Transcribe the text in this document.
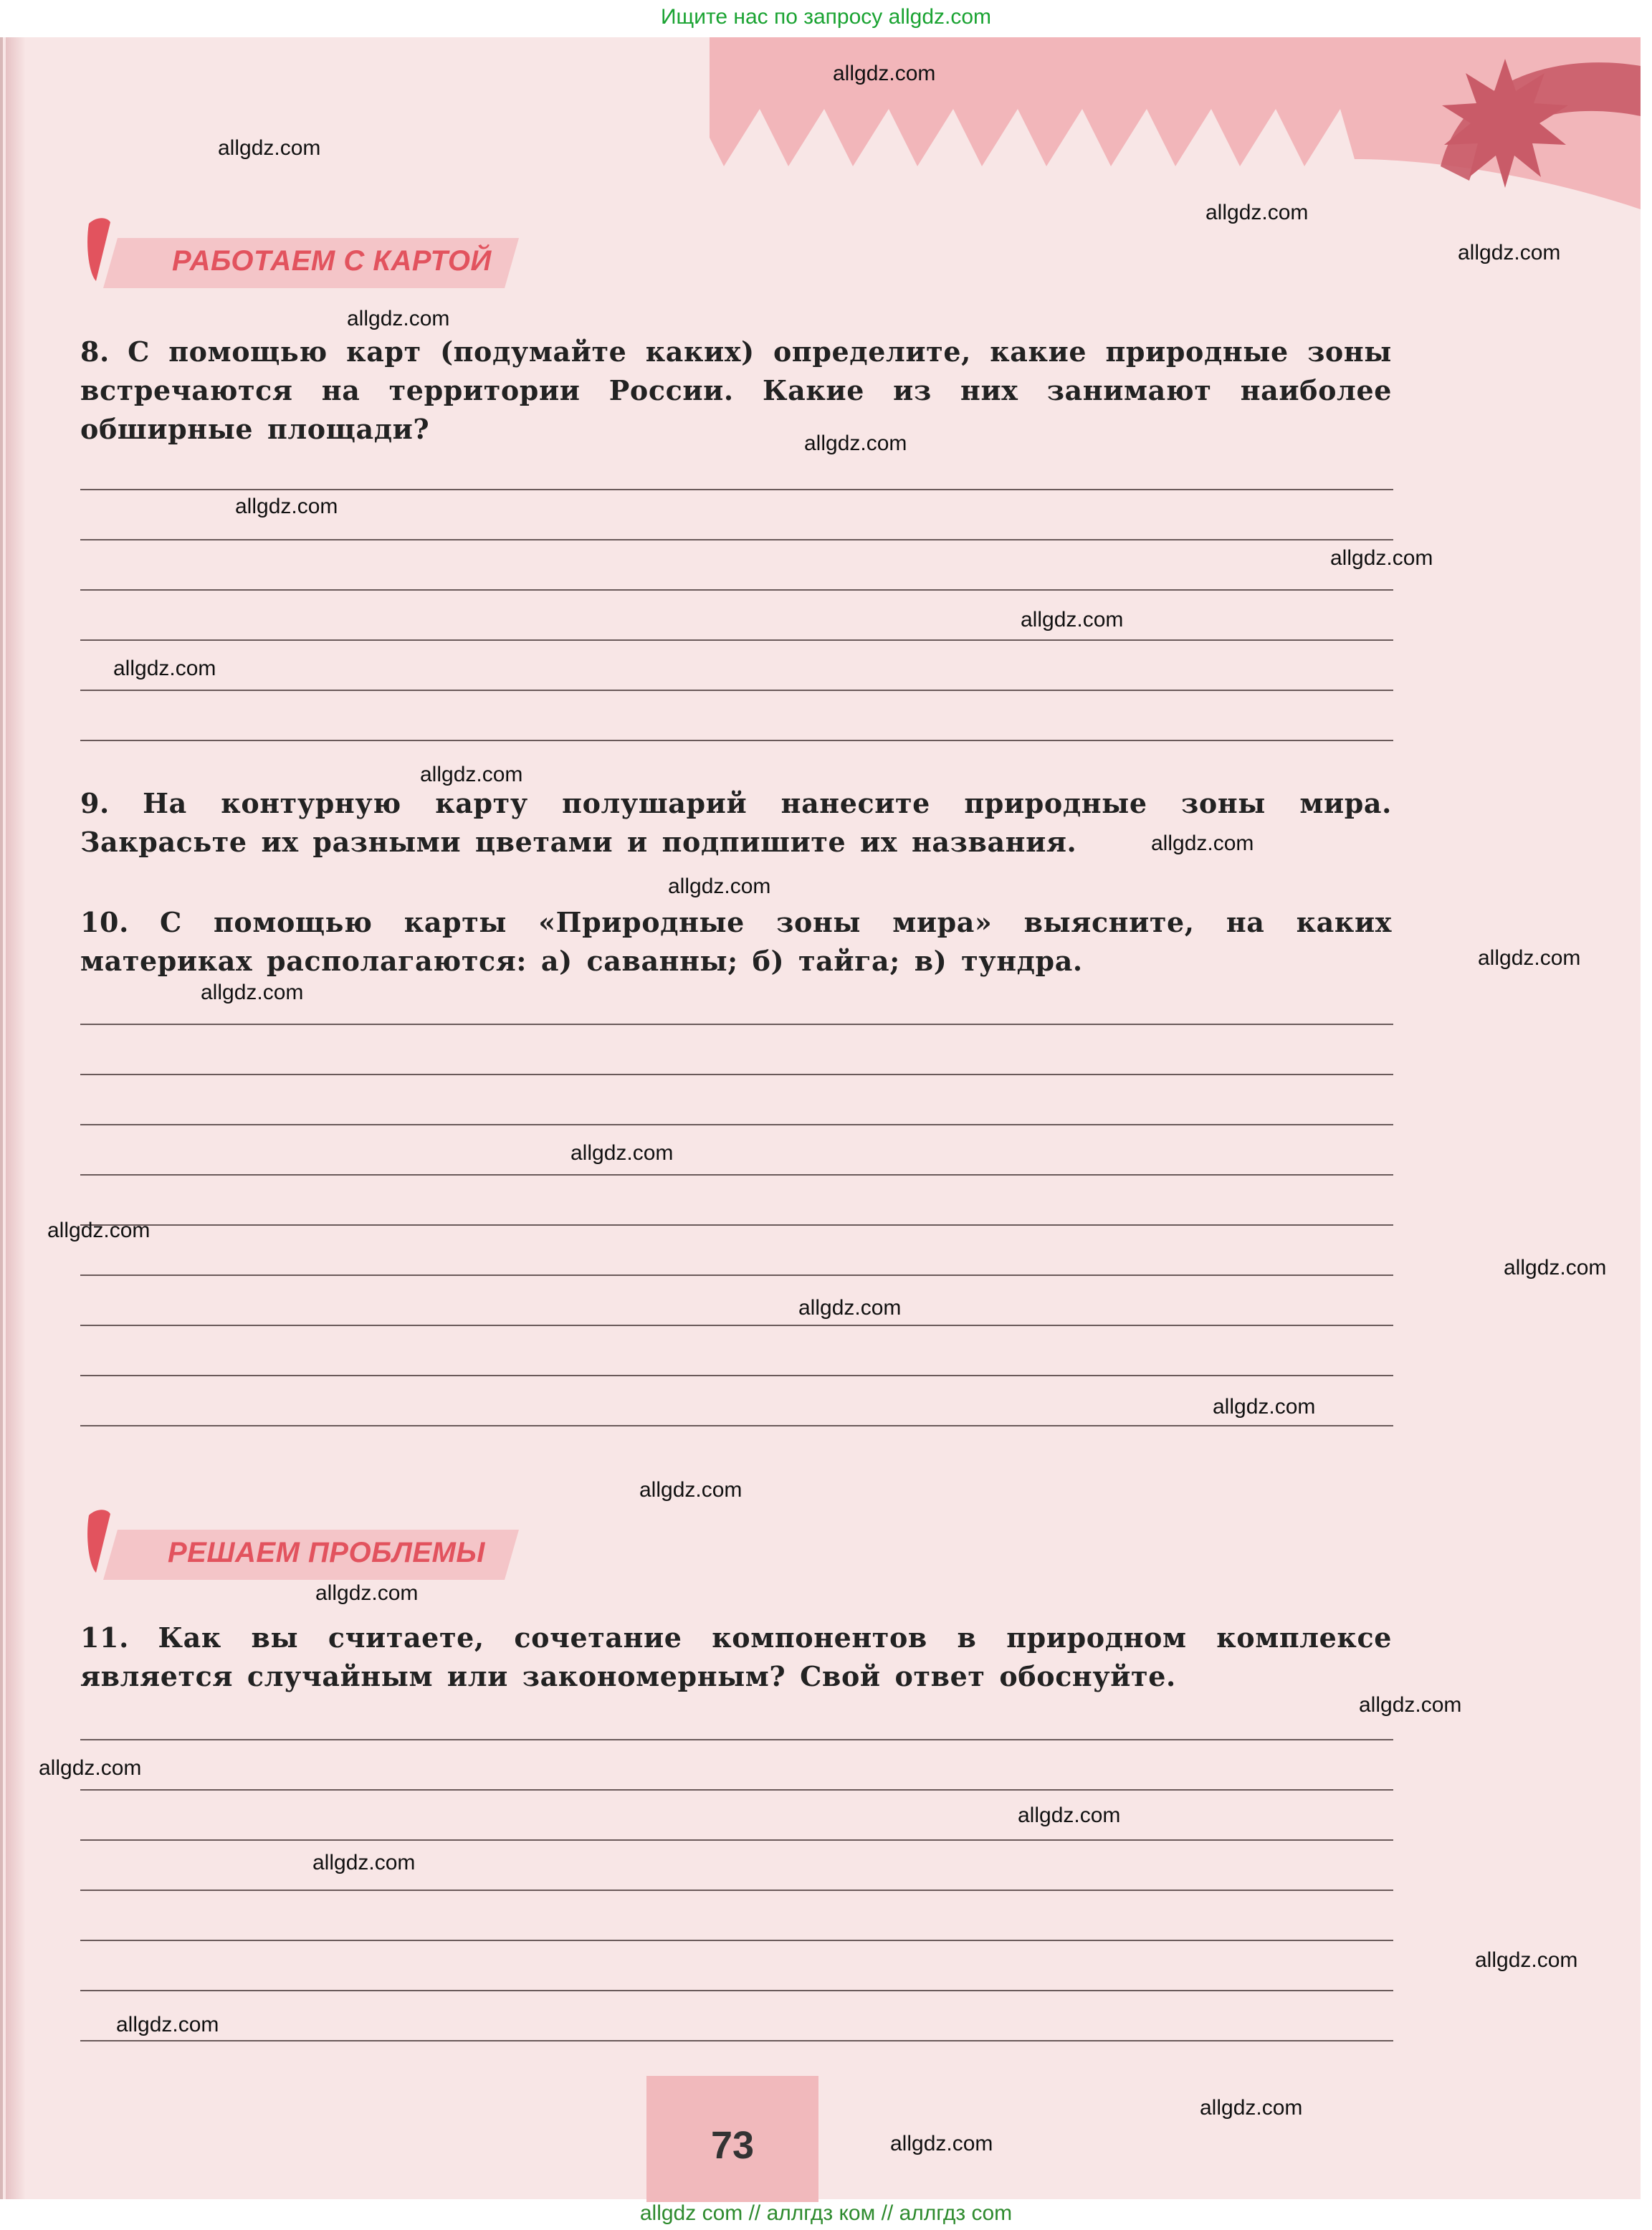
Ищите нас по запросу allgdz.com
РАБОТАЕМ С КАРТОЙ
8. С помощью карт (подумайте каких) определите, какие природные зоны встречаются на территории России. Какие из них занимают наиболее обширные площади?
9. На контурную карту полушарий нанесите природные зоны мира. Закрасьте их разными цветами и подпишите их названия.
10. С помощью карты «Природные зоны мира» выясните, на каких материках располагаются: а) саванны; б) тайга; в) тундра.
РЕШАЕМ ПРОБЛЕМЫ
11. Как вы считаете, сочетание компонентов в природном комплексе является случайным или закономерным? Свой ответ обоснуйте.
73
allgdz.com
allgdz.com
allgdz.com
allgdz.com
allgdz.com
allgdz.com
allgdz.com
allgdz.com
allgdz.com
allgdz.com
allgdz.com
allgdz.com
allgdz.com
allgdz.com
allgdz.com
allgdz.com
allgdz.com
allgdz.com
allgdz.com
allgdz.com
allgdz.com
allgdz.com
allgdz.com
allgdz.com
allgdz.com
allgdz.com
allgdz.com
allgdz.com
allgdz.com
allgdz.com
allgdz com // аллгдз ком // аллгдз com
